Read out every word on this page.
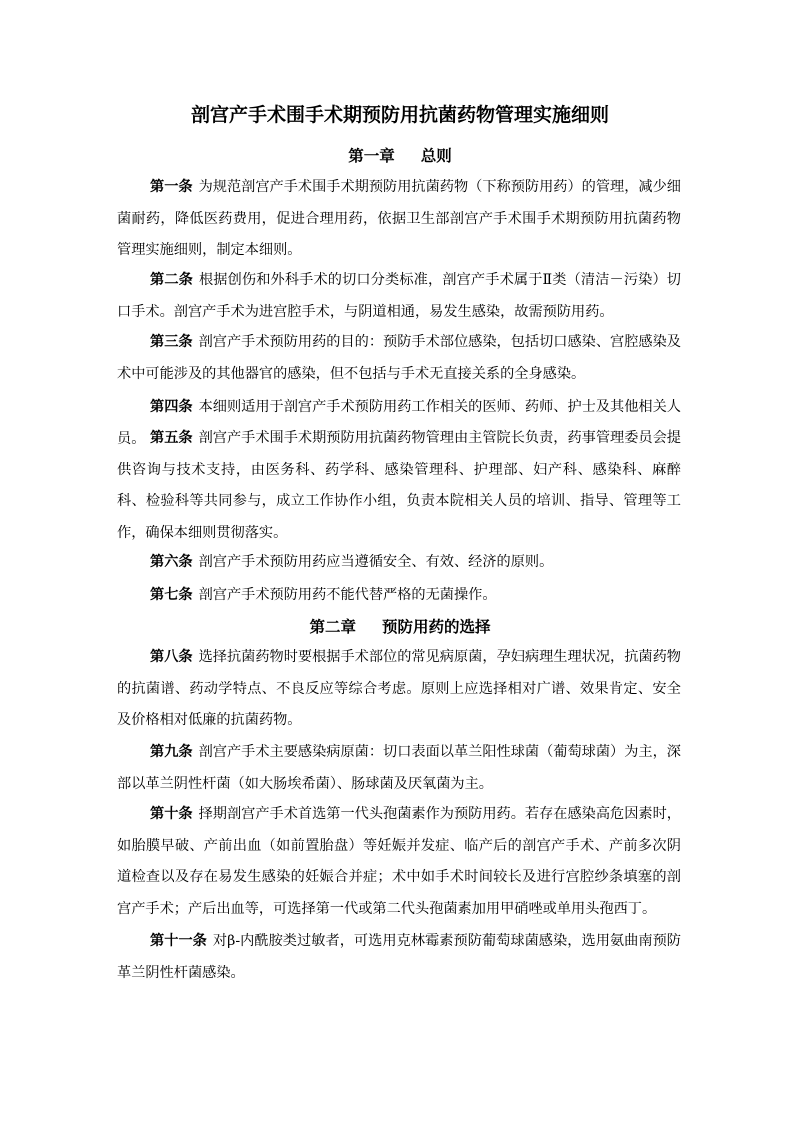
剖宫产手术围手术期预防用抗菌药物管理实施细则
第一章 总则
第一条 为规范剖宫产手术围手术期预防用抗菌药物（下称预防用药）的管理，减少细菌耐药，降低医药费用，促进合理用药，依据卫生部剖宫产手术围手术期预防用抗菌药物管理实施细则，制定本细则。
第二条 根据创伤和外科手术的切口分类标准，剖宫产手术属于Ⅱ类（清洁－污染）切口手术。剖宫产手术为进宫腔手术，与阴道相通，易发生感染，故需预防用药。
第三条 剖宫产手术预防用药的目的：预防手术部位感染，包括切口感染、宫腔感染及术中可能涉及的其他器官的感染，但不包括与手术无直接关系的全身感染。
第四条 本细则适用于剖宫产手术预防用药工作相关的医师、药师、护士及其他相关人员。 第五条 剖宫产手术围手术期预防用抗菌药物管理由主管院长负责，药事管理委员会提供咨询与技术支持，由医务科、药学科、感染管理科、护理部、妇产科、感染科、麻醉科、检验科等共同参与，成立工作协作小组，负责本院相关人员的培训、指导、管理等工作，确保本细则贯彻落实。
第六条 剖宫产手术预防用药应当遵循安全、有效、经济的原则。
第七条 剖宫产手术预防用药不能代替严格的无菌操作。
第二章 预防用药的选择
第八条 选择抗菌药物时要根据手术部位的常见病原菌，孕妇病理生理状况，抗菌药物的抗菌谱、药动学特点、不良反应等综合考虑。原则上应选择相对广谱、效果肯定、安全及价格相对低廉的抗菌药物。
第九条 剖宫产手术主要感染病原菌：切口表面以革兰阳性球菌（葡萄球菌）为主，深部以革兰阴性杆菌（如大肠埃希菌）、肠球菌及厌氧菌为主。
第十条 择期剖宫产手术首选第一代头孢菌素作为预防用药。若存在感染高危因素时，如胎膜早破、产前出血（如前置胎盘）等妊娠并发症、临产后的剖宫产手术、产前多次阴道检查以及存在易发生感染的妊娠合并症；术中如手术时间较长及进行宫腔纱条填塞的剖宫产手术；产后出血等，可选择第一代或第二代头孢菌素加用甲硝唑或单用头孢西丁。
第十一条 对β-内酰胺类过敏者，可选用克林霉素预防葡萄球菌感染，选用氨曲南预防革兰阴性杆菌感染。
